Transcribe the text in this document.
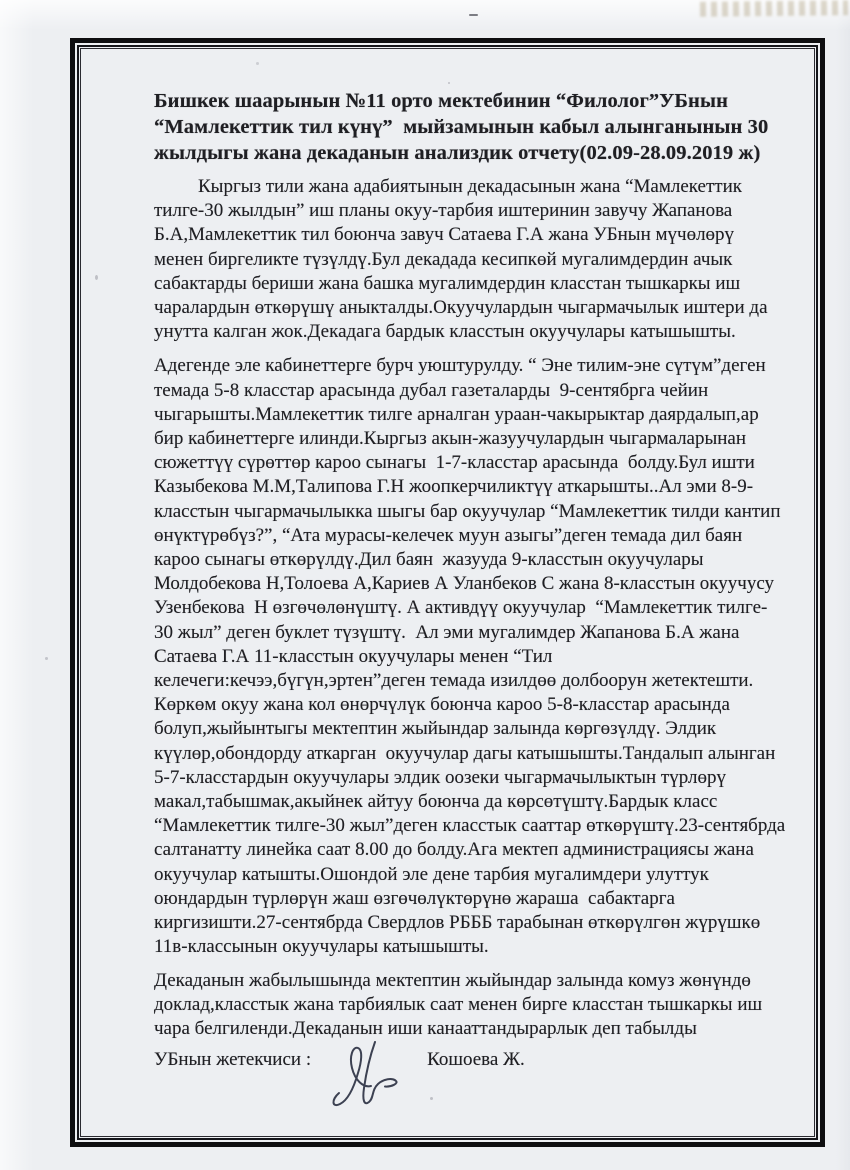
Бишкек шаарынын №11 орто мектебинин “Филолог”УБнын
“Мамлекеттик тил күнү”  мыйзамынын кабыл алынганынын 30
жылдыгы жана декаданын анализдик отчету(02.09-28.09.2019 ж)
Кыргыз тили жана адабиятынын декадасынын жана “Мамлекеттик
тилге-30 жылдын” иш планы окуу-тарбия иштеринин завучу Жапанова
Б.А,Мамлекеттик тил боюнча завуч Сатаева Г.А жана УБнын мүчөлөрү
менен биргеликте түзүлдү.Бул декадада кесипкөй мугалимдердин ачык
сабактарды бериши жана башка мугалимдердин класстан тышкаркы иш
чаралардын өткөрүшү аныкталды.Окуучулардын чыгармачылык иштери да
унутта калган жок.Декадага бардык класстын окуучулары катышышты.
Адегенде эле кабинеттерге бурч уюштурулду. “ Эне тилим-эне сүтүм”деген
темада 5-8 класстар арасында дубал газеталарды  9-сентябрга чейин
чыгарышты.Мамлекеттик тилге арналган ураан-чакырыктар даярдалып,ар
бир кабинеттерге илинди.Кыргыз акын-жазуучулардын чыгармаларынан
сюжеттүү сүрөттөр кароо сынагы  1-7-класстар арасында  болду.Бул ишти
Казыбекова М.М,Талипова Г.Н жоопкерчиликтүү аткарышты..Ал эми 8-9-
класстын чыгармачылыкка шыгы бар окуучулар “Мамлекеттик тилди кантип
өнүктүрөбүз?”, “Ата мурасы-келечек муун азыгы”деген темада дил баян
кароо сынагы өткөрүлдү.Дил баян  жазууда 9-класстын окуучулары
Молдобекова Н,Толоева А,Кариев А Уланбеков С жана 8-класстын окуучусу
Узенбекова  Н өзгөчөлөнүштү. А активдүү окуучулар  “Мамлекеттик тилге-
30 жыл” деген буклет түзүштү.  Ал эми мугалимдер Жапанова Б.А жана
Сатаева Г.А 11-класстын окуучулары менен “Тил
келечеги:кечээ,бүгүн,эртен”деген темада изилдөө долбоорун жетектешти.
Көркөм окуу жана кол өнөрчүлүк боюнча кароо 5-8-класстар арасында
болуп,жыйынтыгы мектептин жыйындар залында көргөзүлдү. Элдик
күүлөр,обондорду аткарган  окуучулар дагы катышышты.Тандалып алынган
5-7-класстардын окуучулары элдик оозеки чыгармачылыктын түрлөрү
макал,табышмак,акыйнек айтуу боюнча да көрсөтүштү.Бардык класс
“Мамлекеттик тилге-30 жыл”деген класстык сааттар өткөрүштү.23-сентябрда
салтанатту линейка саат 8.00 до болду.Ага мектеп администрациясы жана
окуучулар катышты.Ошондой эле дене тарбия мугалимдери улуттук
оюндардын түрлөрүн жаш өзгөчөлүктөрүнө жараша  сабактарга
киргизишти.27-сентябрда Свердлов РБББ тарабынан өткөрүлгөн жүрүшкө
11в-классынын окуучулары катышышты.
Декаданын жабылышында мектептин жыйындар залында комуз жөнүндө
доклад,класстык жана тарбиялык саат менен бирге класстан тышкаркы иш
чара белгиленди.Декаданын иши канааттандырарлык деп табылды
УБнын жетекчиси :	Кошоева Ж.
